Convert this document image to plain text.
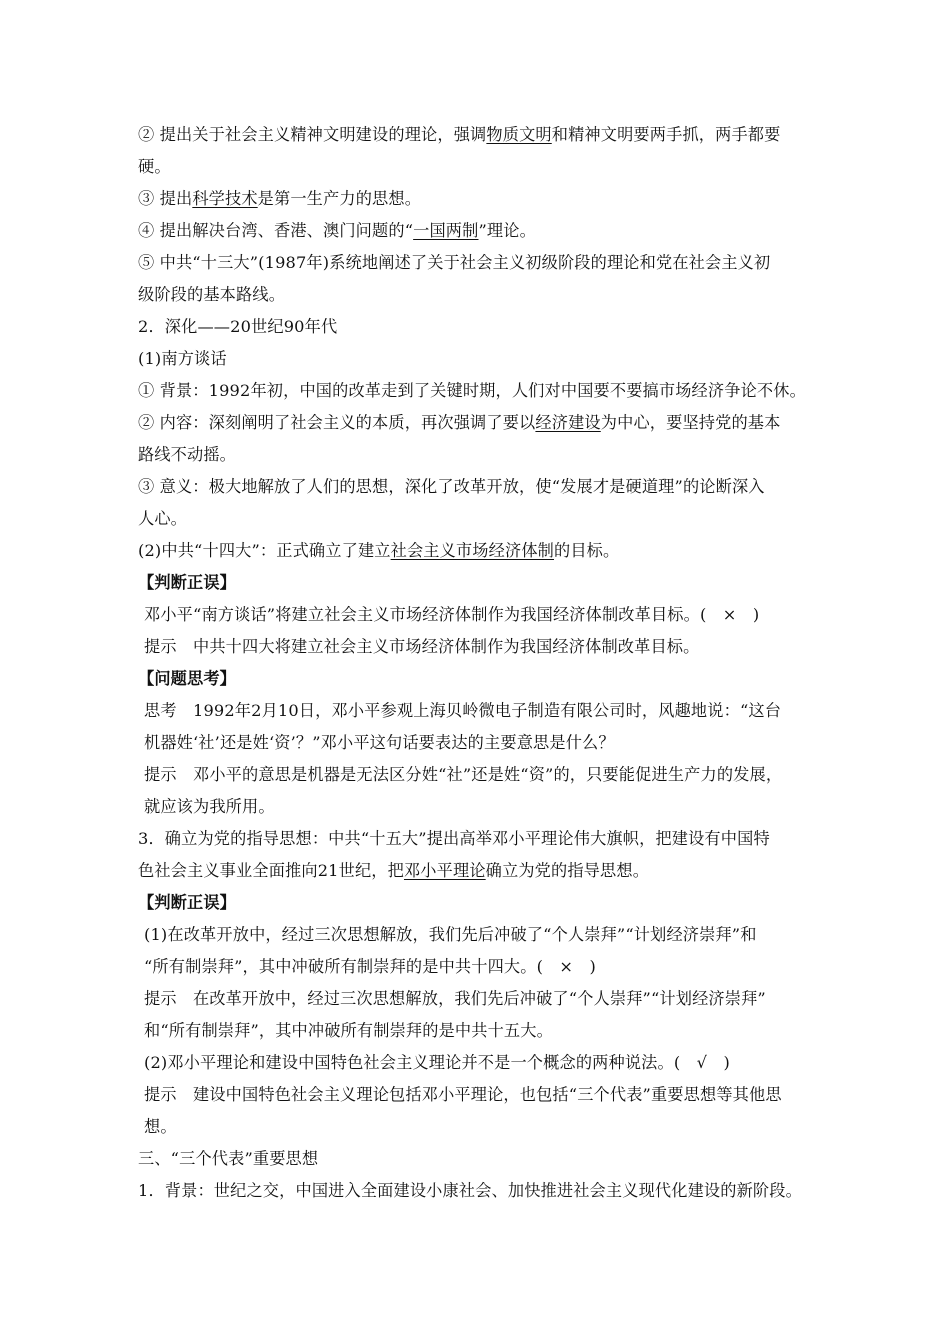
② 提出关于社会主义精神文明建设的理论，强调物质文明和精神文明要两手抓，两手都要
硬。
③ 提出科学技术是第一生产力的思想。
④ 提出解决台湾、香港、澳门问题的“一国两制”理论。
⑤ 中共“十三大”(1987年)系统地阐述了关于社会主义初级阶段的理论和党在社会主义初
级阶段的基本路线。
2．深化——20世纪90年代
(1)南方谈话
① 背景：1992年初，中国的改革走到了关键时期，人们对中国要不要搞市场经济争论不休。
② 内容：深刻阐明了社会主义的本质，再次强调了要以经济建设为中心，要坚持党的基本
路线不动摇。
③ 意义：极大地解放了人们的思想，深化了改革开放，使“发展才是硬道理”的论断深入
人心。
(2)中共“十四大”：正式确立了建立社会主义市场经济体制的目标。
【判断正误】
邓小平“南方谈话”将建立社会主义市场经济体制作为我国经济体制改革目标。(　×　)
提示　中共十四大将建立社会主义市场经济体制作为我国经济体制改革目标。
【问题思考】
思考　1992年2月10日，邓小平参观上海贝岭微电子制造有限公司时，风趣地说：“这台
机器姓‘社’还是姓‘资’？”邓小平这句话要表达的主要意思是什么？
提示　邓小平的意思是机器是无法区分姓“社”还是姓“资”的，只要能促进生产力的发展，
就应该为我所用。
3．确立为党的指导思想：中共“十五大”提出高举邓小平理论伟大旗帜，把建设有中国特
色社会主义事业全面推向21世纪，把邓小平理论确立为党的指导思想。
【判断正误】
(1)在改革开放中，经过三次思想解放，我们先后冲破了“个人崇拜”“计划经济崇拜”和
“所有制崇拜”，其中冲破所有制崇拜的是中共十四大。(　×　)
提示　在改革开放中，经过三次思想解放，我们先后冲破了“个人崇拜”“计划经济崇拜”
和“所有制崇拜”，其中冲破所有制崇拜的是中共十五大。
(2)邓小平理论和建设中国特色社会主义理论并不是一个概念的两种说法。(　√　)
提示　建设中国特色社会主义理论包括邓小平理论，也包括“三个代表”重要思想等其他思
想。
三、“三个代表”重要思想
1．背景：世纪之交，中国进入全面建设小康社会、加快推进社会主义现代化建设的新阶段。
